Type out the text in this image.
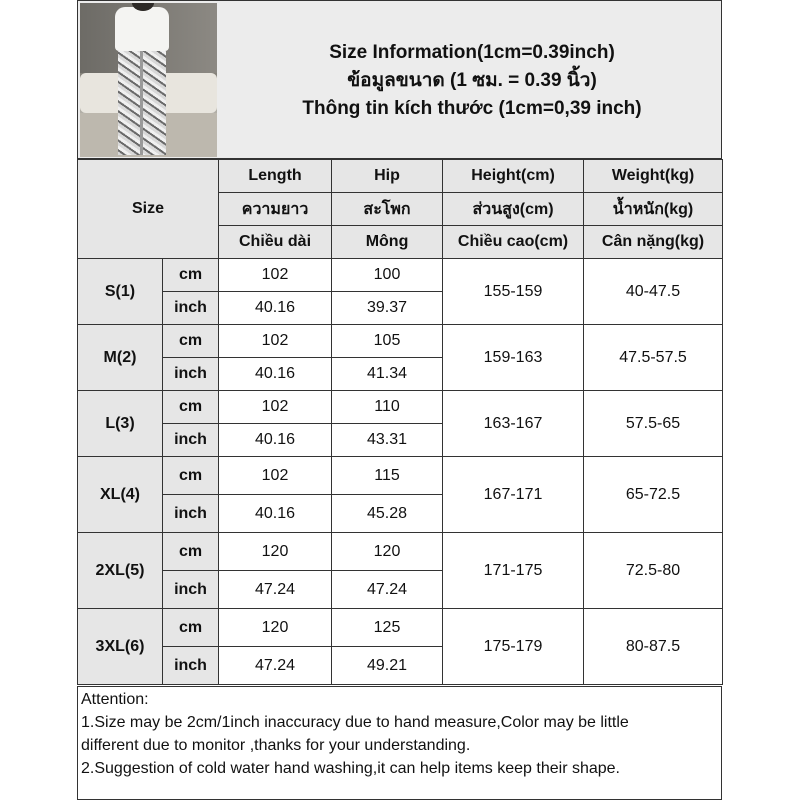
Size Information(1cm=0.39inch)
ข้อมูลขนาด (1 ซม. = 0.39 นิ้ว)
Thông tin kích thước (1cm=0,39 inch)
Size		Length	Hip	Height(cm)	Weight(kg)
		ความยาว	สะโพก	ส่วนสูง(cm)	น้ำหนัก(kg)
		Chiều dài	Mông	Chiều cao(cm)	Cân nặng(kg)
S(1)	cm	102	100	155-159	40-47.5
	inch	40.16	39.37		
M(2)	cm	102	105	159-163	47.5-57.5
	inch	40.16	41.34		
L(3)	cm	102	110	163-167	57.5-65
	inch	40.16	43.31		
XL(4)	cm	102	115	167-171	65-72.5
	inch	40.16	45.28		
2XL(5)	cm	120	120	171-175	72.5-80
	inch	47.24	47.24		
3XL(6)	cm	120	125	175-179	80-87.5
	inch	47.24	49.21		
Attention:
1.Size may be 2cm/1inch inaccuracy due to hand measure,Color may be little
different due to monitor ,thanks for your understanding.
2.Suggestion of cold water hand washing,it can help items keep their shape.
